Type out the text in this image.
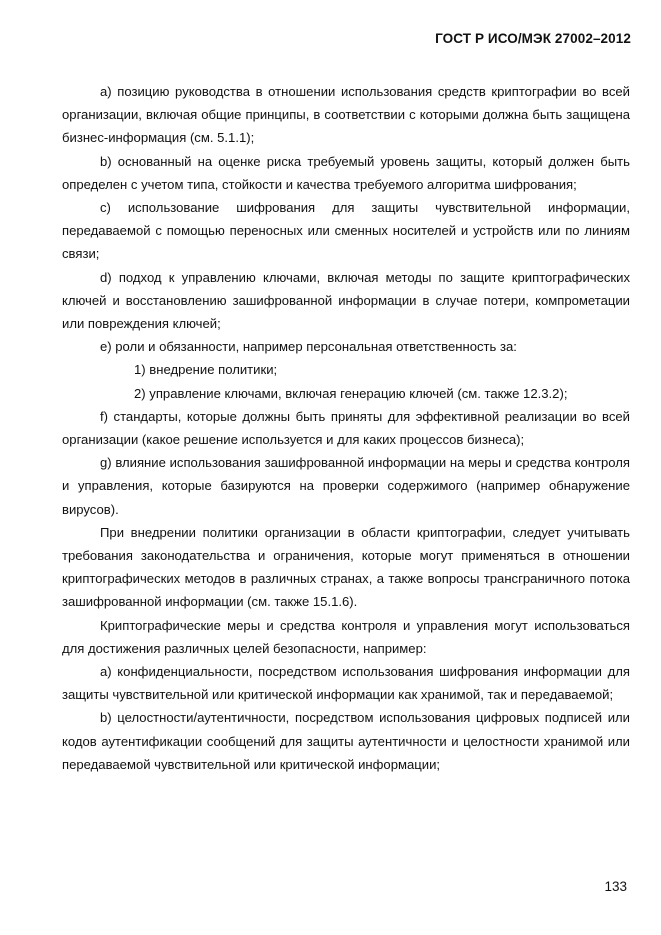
ГОСТ Р ИСО/МЭК 27002–2012

a) позицию руководства в отношении использования средств криптографии во всей организации, включая общие принципы, в соответствии с которыми должна быть защищена бизнес-информация (см. 5.1.1);

b) основанный на оценке риска требуемый уровень защиты, который должен быть определен с учетом типа, стойкости и качества требуемого алгоритма шифрования;

c) использование шифрования для защиты чувствительной информации, передаваемой с помощью переносных или сменных носителей и устройств или по линиям связи;

d) подход к управлению ключами, включая методы по защите криптографических ключей и восстановлению зашифрованной информации в случае потери, компрометации или повреждения ключей;

e) роли и обязанности, например персональная ответственность за:

1) внедрение политики;

2) управление ключами, включая генерацию ключей (см. также 12.3.2);

f) стандарты, которые должны быть приняты для эффективной реализации во всей организации (какое решение используется и для каких процессов бизнеса);

g) влияние использования зашифрованной информации на меры и средства контроля и управления, которые базируются на проверки содержимого (например обнаружение вирусов).

При внедрении политики организации в области криптографии, следует учитывать требования законодательства и ограничения, которые могут применяться в отношении криптографических методов в различных странах, а также вопросы трансграничного потока зашифрованной информации (см. также 15.1.6).

Криптографические меры и средства контроля и управления могут использоваться для достижения различных целей безопасности, например:

a) конфиденциальности, посредством использования шифрования информации для защиты чувствительной или критической информации как хранимой, так и передаваемой;

b) целостности/аутентичности, посредством использования цифровых подписей или кодов аутентификации сообщений для защиты аутентичности и целостности хранимой или передаваемой чувствительной или критической информации;

133
